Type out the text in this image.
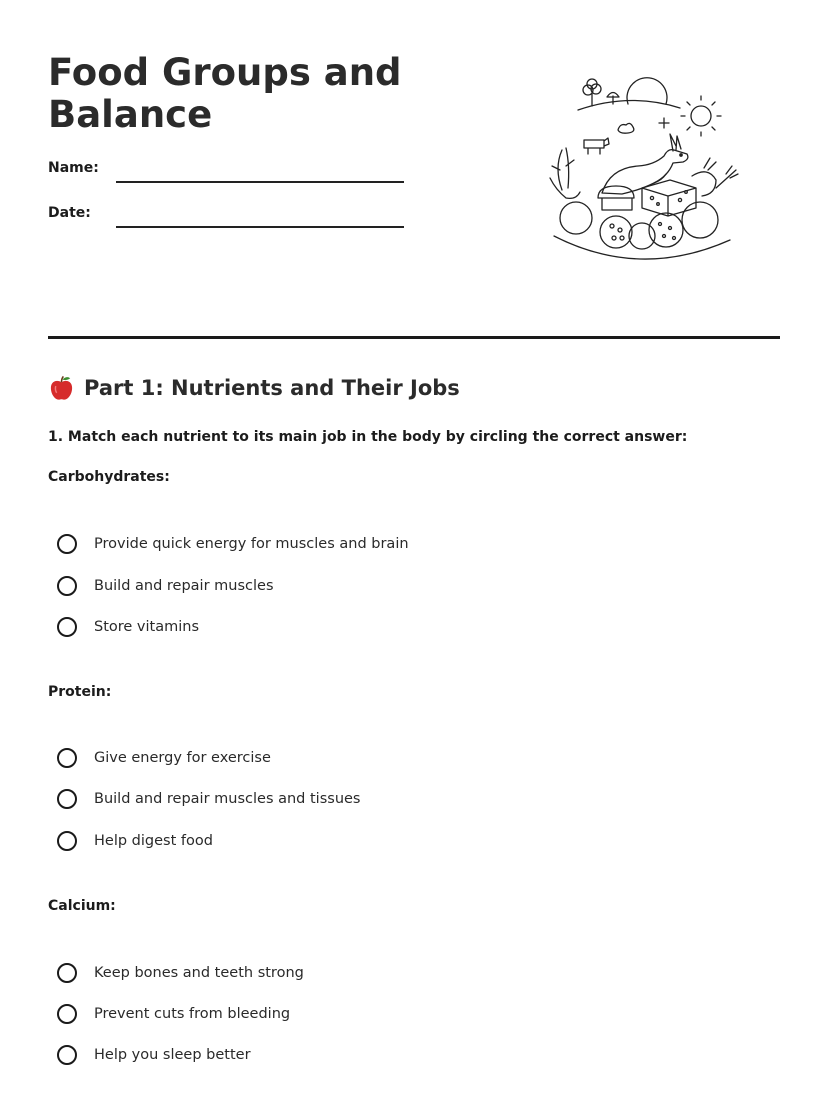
Food Groups and Balance
Name:
Date:
Part 1: Nutrients and Their Jobs
1. Match each nutrient to its main job in the body by circling the correct answer:
Carbohydrates:
Provide quick energy for muscles and brain
Build and repair muscles
Store vitamins
Protein:
Give energy for exercise
Build and repair muscles and tissues
Help digest food
Calcium:
Keep bones and teeth strong
Prevent cuts from bleeding
Help you sleep better
